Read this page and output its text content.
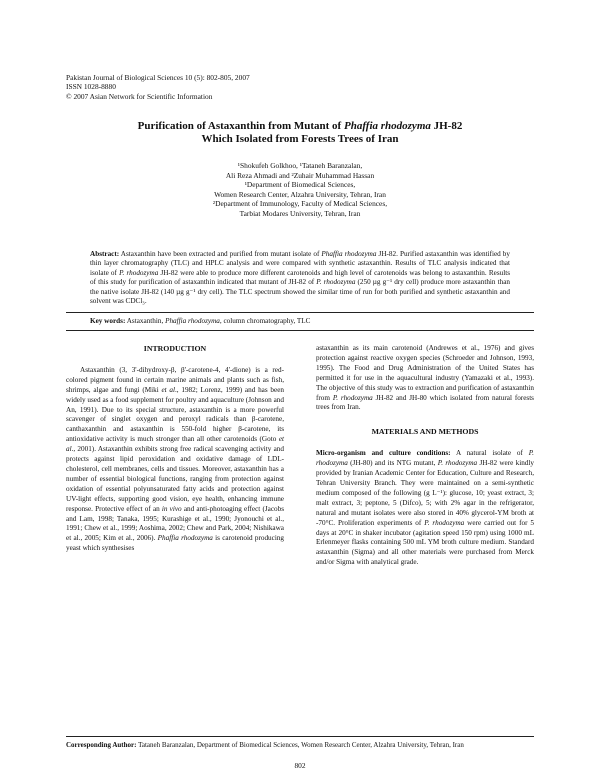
Pakistan Journal of Biological Sciences 10 (5): 802-805, 2007
ISSN 1028-8880
© 2007 Asian Network for Scientific Information
Purification of Astaxanthin from Mutant of Phaffia rhodozyma JH-82
Which Isolated from Forests Trees of Iran
¹Shokufeh Golkhoo, ¹Tataneh Baranzalan,
Ali Reza Ahmadi and ²Zuhair Muhammad Hassan
¹Department of Biomedical Sciences,
Women Research Center, Alzahra University, Tehran, Iran
²Department of Immunology, Faculty of Medical Sciences,
Tarbiat Modares University, Tehran, Iran
Abstract: Astaxanthin have been extracted and purified from mutant isolate of Phaffia rhodozyma JH-82. Purified astaxanthin was identified by thin layer chromatography (TLC) and HPLC analysis and were compared with synthetic astaxanthin. Results of TLC analysis indicated that isolate of P. rhodozyma JH-82 were able to produce more different carotenoids and high level of carotenoids was belong to astaxanthin. Results of this study for purification of astaxanthin indicated that mutant of JH-82 of P. rhodozyma (250 µg g⁻¹ dry cell) produce more astaxanthin than the native isolate JH-82 (140 µg g⁻¹ dry cell). The TLC spectrum showed the similar time of run for both purified and synthetic astaxanthin and solvent was CDCl₃.
Key words: Astaxanthin, Phaffia rhodozyma, column chromatography, TLC
INTRODUCTION

Astaxanthin (3, 3'-dihydroxy-β, β'-carotene-4, 4'-dione) is a red-colored pigment found in certain marine animals and plants such as fish, shrimps, algae and fungi (Miki et al., 1982; Lorenz, 1999) and has been widely used as a food supplement for poultry and aquaculture (Johnson and An, 1991). Due to its special structure, astaxanthin is a more powerful scavenger of singlet oxygen and peroxyl radicals than β-carotene, canthaxanthin and astaxanthin is 550-fold higher β-carotene, its antioxidative activity is much stronger than all other carotenoids (Goto et al., 2001). Astaxanthin exhibits strong free radical scavenging activity and protects against lipid peroxidation and oxidative damage of LDL-cholesterol, cell membranes, cells and tissues. Moreover, astaxanthin has a number of essential biological functions, ranging from protection against oxidation of essential polyunsaturated fatty acids and protection against UV-light effects, supporting good vision, eye health, enhancing immune response. Protective effect of an in vivo and anti-photoaging effect (Jacobs and Lam, 1998; Tanaka, 1995; Kurashige et al., 1990; Jyonouchi et al., 1991; Chew et al., 1999; Aoshima, 2002; Chew and Park, 2004; Nishikawa et al., 2005; Kim et al., 2006). Phaffia rhodozyma is carotenoid producing yeast which synthesises

astaxanthin as its main carotenoid (Andrewes et al., 1976) and gives protection against reactive oxygen species (Schroeder and Johnson, 1993, 1995). The Food and Drug Administration of the United States has permitted it for use in the aquacultural industry (Yamazaki et al., 1993). The objective of this study was to extraction and purification of astaxanthin from P. rhodozyma JH-82 and JH-80 which isolated from natural forests trees from Iran.

MATERIALS AND METHODS

Micro-organism and culture conditions: A natural isolate of P. rhodozyma (JH-80) and its NTG mutant, P. rhodozyma JH-82 were kindly provided by Iranian Academic Center for Education, Culture and Research, Tehran University Branch. They were maintained on a semi-synthetic medium composed of the following (g L⁻¹): glucose, 10; yeast extract, 3; malt extract, 3; peptone, 5 (Difco), 5; with 2% agar in the refrigerator, natural and mutant isolates were also stored in 40% glycerol-YM broth at -70°C. Proliferation experiments of P. rhodozyma were carried out for 5 days at 20°C in shaker incubator (agitation speed 150 rpm) using 1000 mL Erlenmeyer flasks containing 500 mL YM broth culture medium. Standard astaxanthin (Sigma) and all other materials were purchased from Merck and/or Sigma with analytical grade.

Corresponding Author: Tataneh Baranzalan, Department of Biomedical Sciences, Women Research Center, Alzahra University, Tehran, Iran
802
